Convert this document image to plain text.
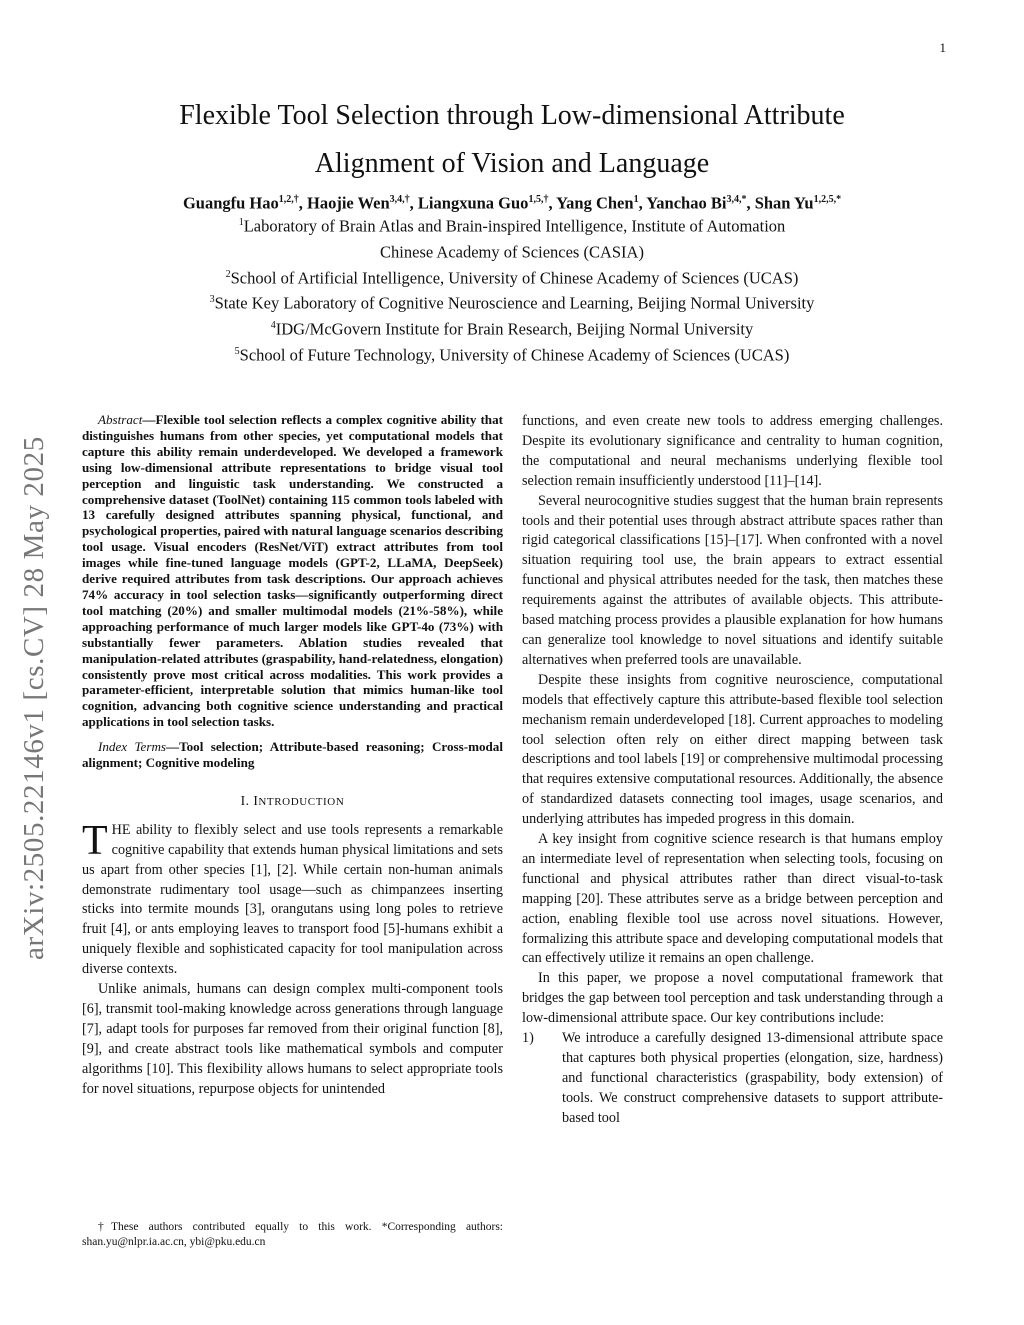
1
arXiv:2505.22146v1 [cs.CV] 28 May 2025
Flexible Tool Selection through Low-dimensional Attribute
Alignment of Vision and Language
Guangfu Hao$^{1,2,\dagger}$, Haojie Wen$^{3,4,\dagger}$, Liangxuna Guo$^{1,5,\dagger}$, Yang Chen$^1$, Yanchao $Bi^{3,4,*}$, Shan $Yu^{1,2,5,*}$
$^1$Laboratory of Brain Atlas and Brain-inspired Intelligence, Institute of Automation
Chinese Academy of Sciences (CASIA)
$^2$School of Artificial Intelligence, University of Chinese Academy of Sciences (UCAS)
$^3$State Key Laboratory of Cognitive Neuroscience and Learning, Beijing Normal University
$^4$IDG/McGovern Institute for Brain Research, Beijing Normal University
$^5$School of Future Technology, University of Chinese Academy of Sciences (UCAS)

Abstract—Flexible tool selection reflects a complex cognitive ability that distinguishes humans from other species, yet computational models that capture this ability remain underdeveloped. We developed a framework using low-dimensional attribute representations to bridge visual tool perception and linguistic task understanding. We constructed a comprehensive dataset (ToolNet) containing 115 common tools labeled with 13 carefully designed attributes spanning physical, functional, and psychological properties, paired with natural language scenarios describing tool usage. Visual encoders (ResNet/ViT) extract attributes from tool images while fine-tuned language models (GPT-2, LLaMA, DeepSeek) derive required attributes from task descriptions. Our approach achieves 74% accuracy in tool selection tasks—significantly outperforming direct tool matching (20%) and smaller multimodal models (21%-58%), while approaching performance of much larger models like GPT-4o (73%) with substantially fewer parameters. Ablation studies revealed that manipulation-related attributes (graspability, hand-relatedness, elongation) consistently prove most critical across modalities. This work provides a parameter-efficient, interpretable solution that mimics human-like tool cognition, advancing both cognitive science understanding and practical applications in tool selection tasks.

Index Terms—Tool selection; Attribute-based reasoning; Cross-modal alignment; Cognitive modeling

I. INTRODUCTION

THE ability to flexibly select and use tools represents a remarkable cognitive capability that extends human physical limitations and sets us apart from other species [1], [2]. While certain non-human animals demonstrate rudimentary tool usage—such as chimpanzees inserting sticks into termite mounds [3], orangutans using long poles to retrieve fruit [4], or ants employing leaves to transport food [5]-humans exhibit a uniquely flexible and sophisticated capacity for tool manipulation across diverse contexts.

Unlike animals, humans can design complex multi-component tools [6], transmit tool-making knowledge across generations through language [7], adapt tools for purposes far removed from their original function [8], [9], and create abstract tools like mathematical symbols and computer algorithms [10]. This flexibility allows humans to select appropriate tools for novel situations, repurpose objects for unintended

†These authors contributed equally to this work. *Corresponding authors: shan.yu@nlpr.ia.ac.cn, ybi@pku.edu.cn

functions, and even create new tools to address emerging challenges. Despite its evolutionary significance and centrality to human cognition, the computational and neural mechanisms underlying flexible tool selection remain insufficiently understood [11]–[14].

Several neurocognitive studies suggest that the human brain represents tools and their potential uses through abstract attribute spaces rather than rigid categorical classifications [15]–[17]. When confronted with a novel situation requiring tool use, the brain appears to extract essential functional and physical attributes needed for the task, then matches these requirements against the attributes of available objects. This attribute-based matching process provides a plausible explanation for how humans can generalize tool knowledge to novel situations and identify suitable alternatives when preferred tools are unavailable.

Despite these insights from cognitive neuroscience, computational models that effectively capture this attribute-based flexible tool selection mechanism remain underdeveloped [18]. Current approaches to modeling tool selection often rely on either direct mapping between task descriptions and tool labels [19] or comprehensive multimodal processing that requires extensive computational resources. Additionally, the absence of standardized datasets connecting tool images, usage scenarios, and underlying attributes has impeded progress in this domain.

A key insight from cognitive science research is that humans employ an intermediate level of representation when selecting tools, focusing on functional and physical attributes rather than direct visual-to-task mapping [20]. These attributes serve as a bridge between perception and action, enabling flexible tool use across novel situations. However, formalizing this attribute space and developing computational models that can effectively utilize it remains an open challenge.

In this paper, we propose a novel computational framework that bridges the gap between tool perception and task understanding through a low-dimensional attribute space. Our key contributions include:

1)	We introduce a carefully designed 13-dimensional attribute space that captures both physical properties (elongation, size, hardness) and functional characteristics (graspability, body extension) of tools. We construct comprehensive datasets to support attribute-based tool
